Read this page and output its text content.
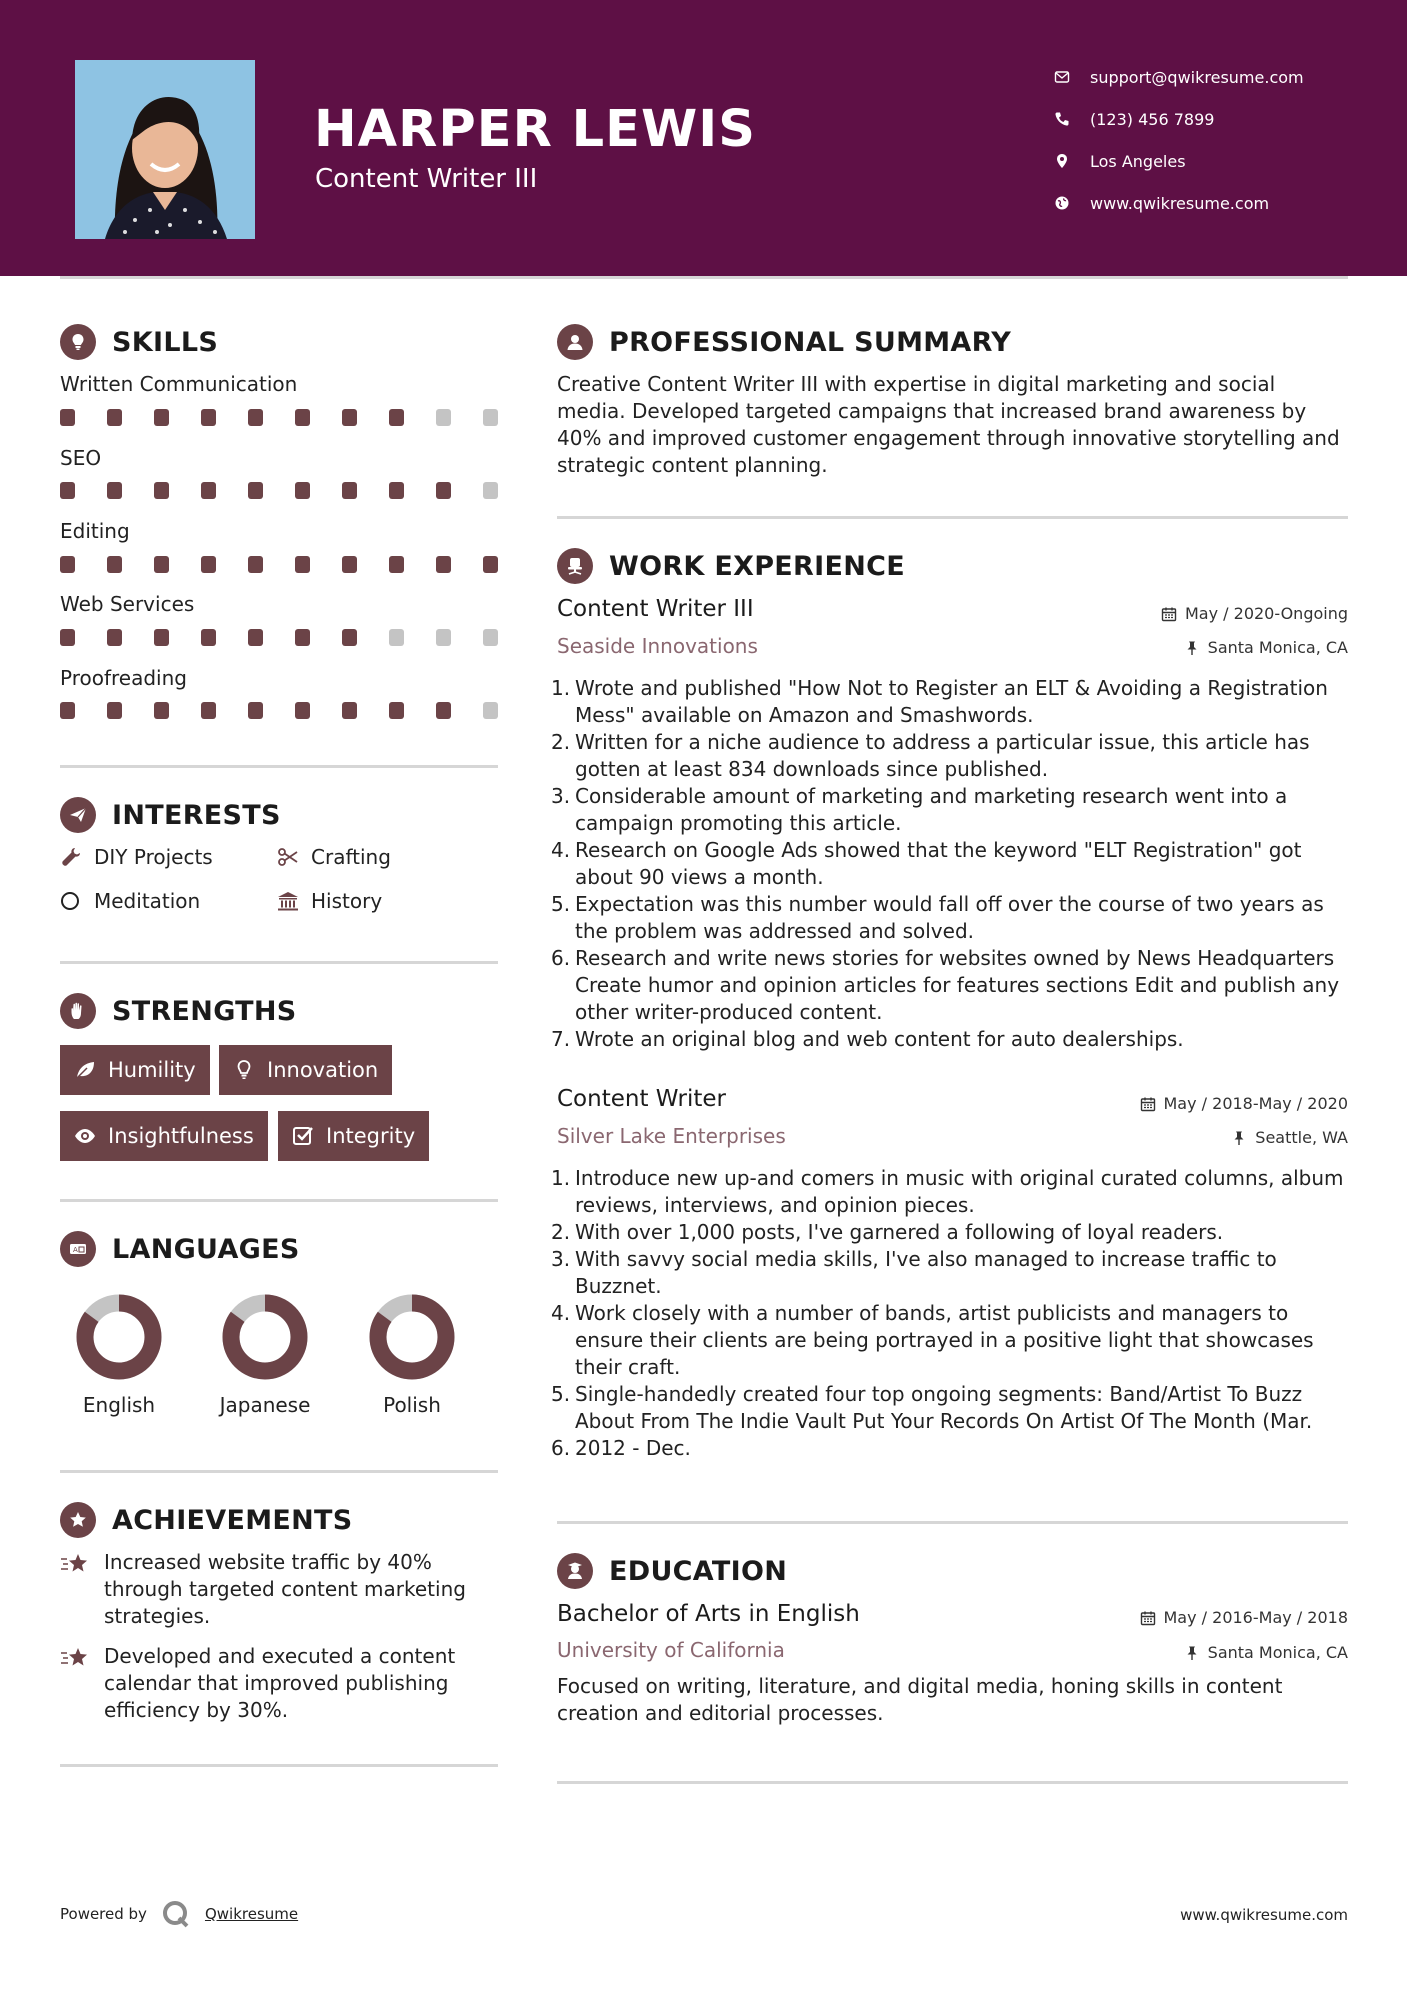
HARPER LEWIS
Content Writer III
support@qwikresume.com
(123) 456 7899
Los Angeles
www.qwikresume.com
SKILLS
Written Communication
SEO
Editing
Web Services
Proofreading
INTERESTS
DIY Projects	Crafting
Meditation	History
STRENGTHS
Humility	Innovation
Insightfulness	Integrity
A LANGUAGES
English	Japanese	Polish
ACHIEVEMENTS
Increased website traffic by 40% through targeted content marketing strategies.
Developed and executed a content calendar that improved publishing efficiency by 30%.
PROFESSIONAL SUMMARY
Creative Content Writer III with expertise in digital marketing and social media. Developed targeted campaigns that increased brand awareness by 40% and improved customer engagement through innovative storytelling and strategic content planning.
WORK EXPERIENCE
Content Writer III	May / 2020-Ongoing
Seaside Innovations	Santa Monica, CA
Wrote and published "How Not to Register an ELT & Avoiding a Registration Mess" available on Amazon and Smashwords.
Written for a niche audience to address a particular issue, this article has gotten at least 834 downloads since published.
Considerable amount of marketing and marketing research went into a campaign promoting this article.
Research on Google Ads showed that the keyword "ELT Registration" got about 90 views a month.
Expectation was this number would fall off over the course of two years as the problem was addressed and solved.
Research and write news stories for websites owned by News Headquarters Create humor and opinion articles for features sections Edit and publish any other writer-produced content.
Wrote an original blog and web content for auto dealerships.
Content Writer	May / 2018-May / 2020
Silver Lake Enterprises	Seattle, WA
Introduce new up-and comers in music with original curated columns, album reviews, interviews, and opinion pieces.
With over 1,000 posts, I've garnered a following of loyal readers.
With savvy social media skills, I've also managed to increase traffic to Buzznet.
Work closely with a number of bands, artist publicists and managers to ensure their clients are being portrayed in a positive light that showcases their craft.
Single-handedly created four top ongoing segments: Band/Artist To Buzz About From The Indie Vault Put Your Records On Artist Of The Month (Mar.
2012 - Dec.
EDUCATION
Bachelor of Arts in English	May / 2016-May / 2018
University of California	Santa Monica, CA
Focused on writing, literature, and digital media, honing skills in content creation and editorial processes.
Powered by	Qwikresume	www.qwikresume.com
